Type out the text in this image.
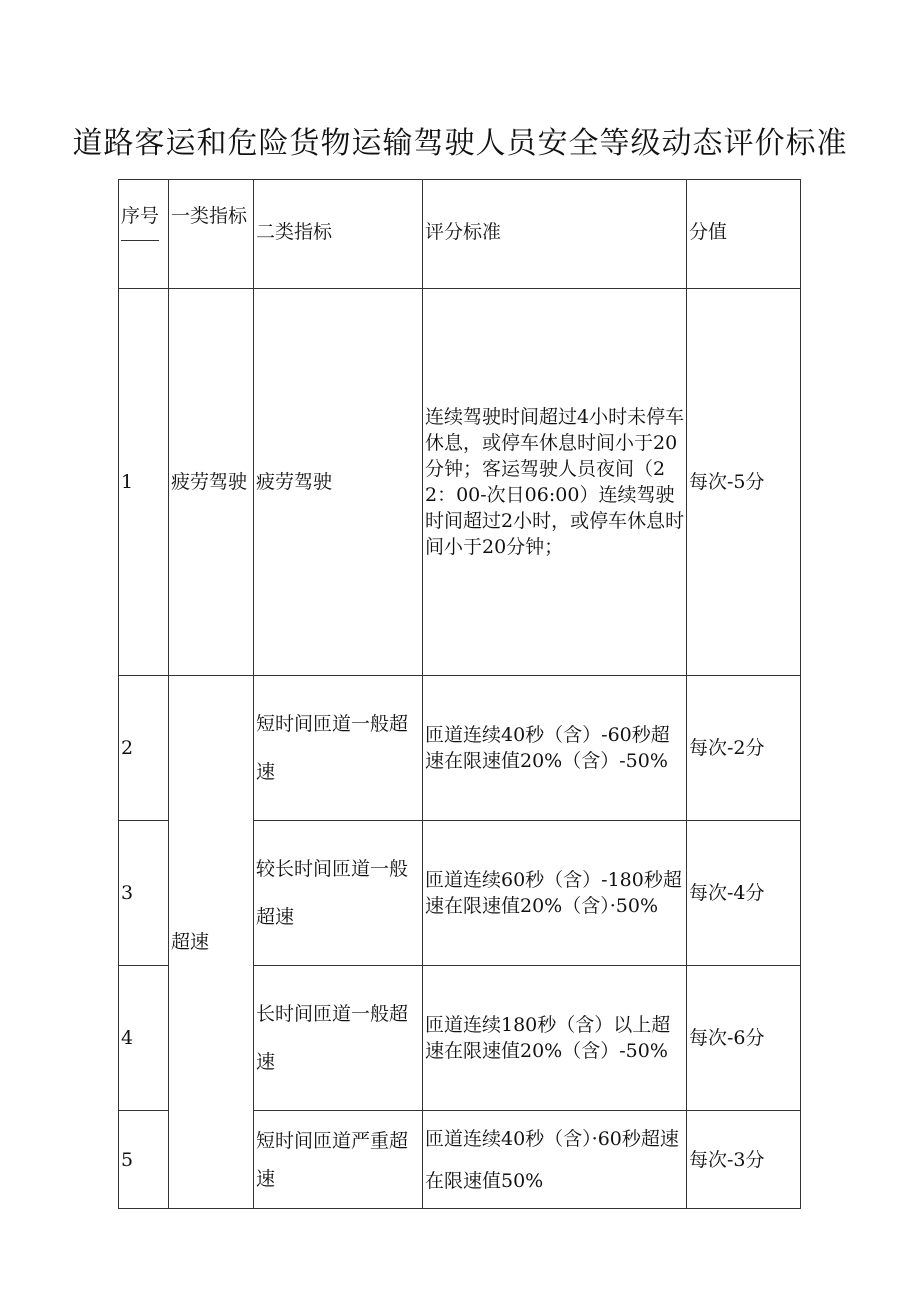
道路客运和危险货物运输驾驶人员安全等级动态评价标准
序号	一类指标	二类指标	评分标准	分值
1	疲劳驾驶	疲劳驾驶	连续驾驶时间超过4小时未停车休息，或停车休息时间小于20分钟；客运驾驶人员夜间（22：00-次日06:00）连续驾驶时间超过2小时，或停车休息时间小于20分钟；	每次-5分
2	超速	短时间匝道一般超速	匝道连续40秒（含）-60秒超速在限速值20%（含）-50%	每次-2分
3		较长时间匝道一般超速	匝道连续60秒（含）-180秒超速在限速值20%（含）·50%	每次-4分
4		长时间匝道一般超速	匝道连续180秒（含）以上超速在限速值20%（含）-50%	每次-6分
5		短时间匝道严重超速	匝道连续40秒（含）·60秒超速在限速值50%	每次-3分
